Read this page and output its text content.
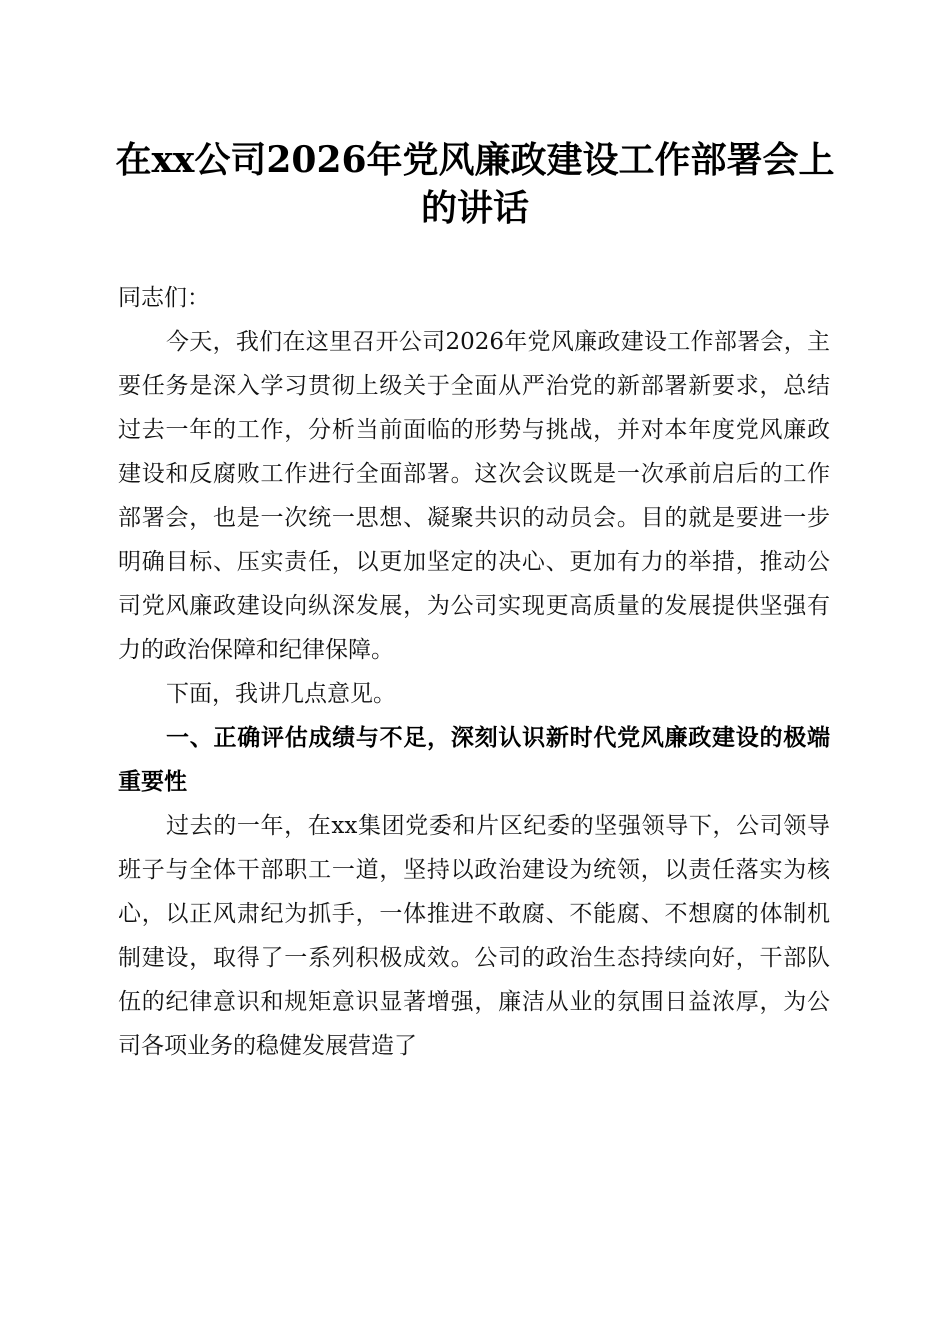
在xx公司2026年党风廉政建设工作部署会上的讲话

同志们：

今天，我们在这里召开公司2026年党风廉政建设工作部署会，主要任务是深入学习贯彻上级关于全面从严治党的新部署新要求，总结过去一年的工作，分析当前面临的形势与挑战，并对本年度党风廉政建设和反腐败工作进行全面部署。这次会议既是一次承前启后的工作部署会，也是一次统一思想、凝聚共识的动员会。目的就是要进一步明确目标、压实责任，以更加坚定的决心、更加有力的举措，推动公司党风廉政建设向纵深发展，为公司实现更高质量的发展提供坚强有力的政治保障和纪律保障。

下面，我讲几点意见。

一、正确评估成绩与不足，深刻认识新时代党风廉政建设的极端重要性

过去的一年，在xx集团党委和片区纪委的坚强领导下，公司领导班子与全体干部职工一道，坚持以政治建设为统领，以责任落实为核心，以正风肃纪为抓手，一体推进不敢腐、不能腐、不想腐的体制机制建设，取得了一系列积极成效。公司的政治生态持续向好，干部队伍的纪律意识和规矩意识显著增强，廉洁从业的氛围日益浓厚，为公司各项业务的稳健发展营造了
